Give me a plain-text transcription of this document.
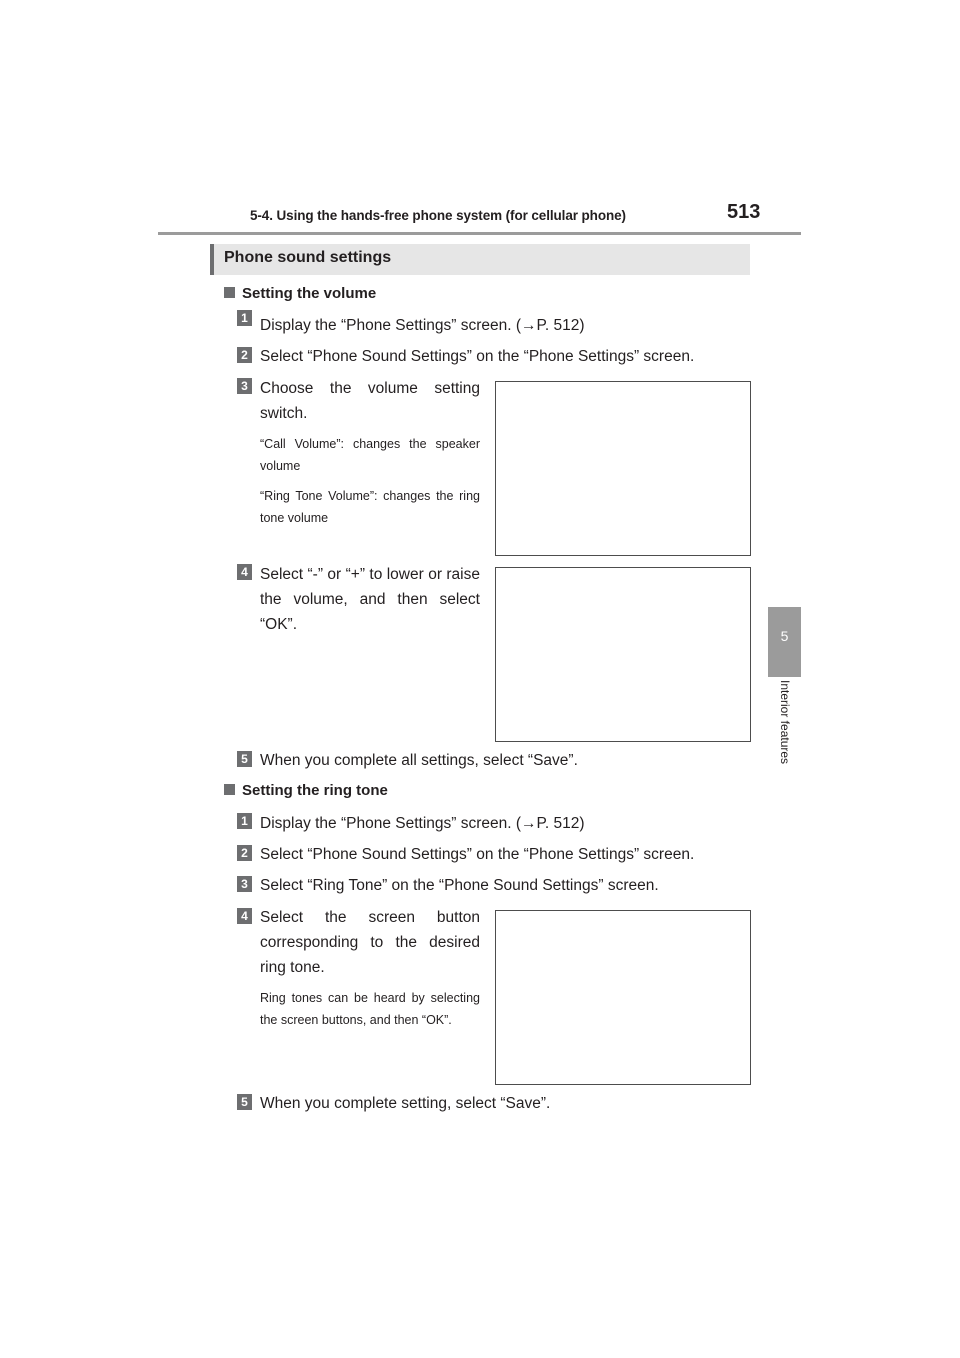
5-4. Using the hands-free phone system (for cellular phone)	513
5
Interior features
Phone sound settings
Setting the volume
1 Display the “Phone Settings” screen. (→P. 512)
2 Select “Phone Sound Settings” on the “Phone Settings” screen.
3 Choose the volume setting switch.
“Call Volume”: changes the speaker volume
“Ring Tone Volume”: changes the ring tone volume
4 Select “-” or “+” to lower or raise the volume, and then select “OK”.
5 When you complete all settings, select “Save”.
Setting the ring tone
1 Display the “Phone Settings” screen. (→P. 512)
2 Select “Phone Sound Settings” on the “Phone Settings” screen.
3 Select “Ring Tone” on the “Phone Sound Settings” screen.
4 Select the screen button corresponding to the desired ring tone.
Ring tones can be heard by selecting the screen buttons, and then “OK”.
5 When you complete setting, select “Save”.
